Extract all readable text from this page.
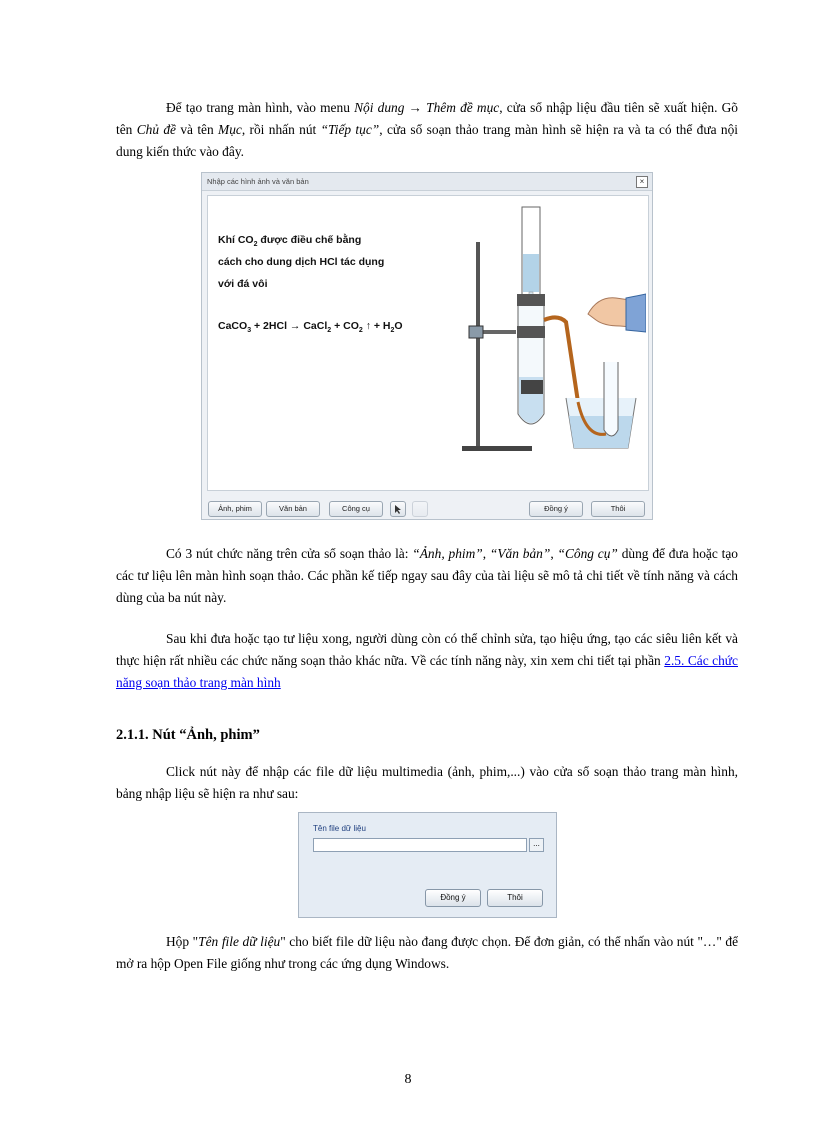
Để tạo trang màn hình, vào menu Nội dung → Thêm đề mục, cửa sổ nhập liệu đầu tiên sẽ xuất hiện. Gõ tên Chủ đề và tên Mục, rồi nhấn nút “Tiếp tục”, cửa sổ soạn thảo trang màn hình sẽ hiện ra và ta có thể đưa nội dung kiến thức vào đây.

Nhập các hình ảnh và văn bản	×
Khí $CO_2$ được điều chế bằng
cách cho dung dịch HCl tác dụng
với đá vôi
CaCO$_3$ + 2HCl → CaCl$_2$ + $CO_2$ ↑ + $H_2O$
Ảnh, phim	Văn bản	Công cụ	Đồng ý	Thôi

Có 3 nút chức năng trên cửa sổ soạn thảo là: “Ảnh, phim”, “Văn bản”, “Công cụ” dùng để đưa hoặc tạo các tư liệu lên màn hình soạn thảo. Các phần kế tiếp ngay sau đây của tài liệu sẽ mô tả chi tiết về tính năng và cách dùng của ba nút này.

Sau khi đưa hoặc tạo tư liệu xong, người dùng còn có thể chỉnh sửa, tạo hiệu ứng, tạo các siêu liên kết và thực hiện rất nhiều các chức năng soạn thảo khác nữa. Về các tính năng này, xin xem chi tiết tại phần 2.5. Các chức năng soạn thảo trang màn hình

2.1.1. Nút “Ảnh, phim”

Click nút này để nhập các file dữ liệu multimedia (ảnh, phim,...) vào cửa sổ soạn thảo trang màn hình, bảng nhập liệu sẽ hiện ra như sau:

Tên file dữ liệu
...
Đồng ý	Thôi

Hộp "Tên file dữ liệu" cho biết file dữ liệu nào đang được chọn. Để đơn giản, có thể nhấn vào nút "…" để mở ra hộp Open File giống như trong các ứng dụng Windows.

8
